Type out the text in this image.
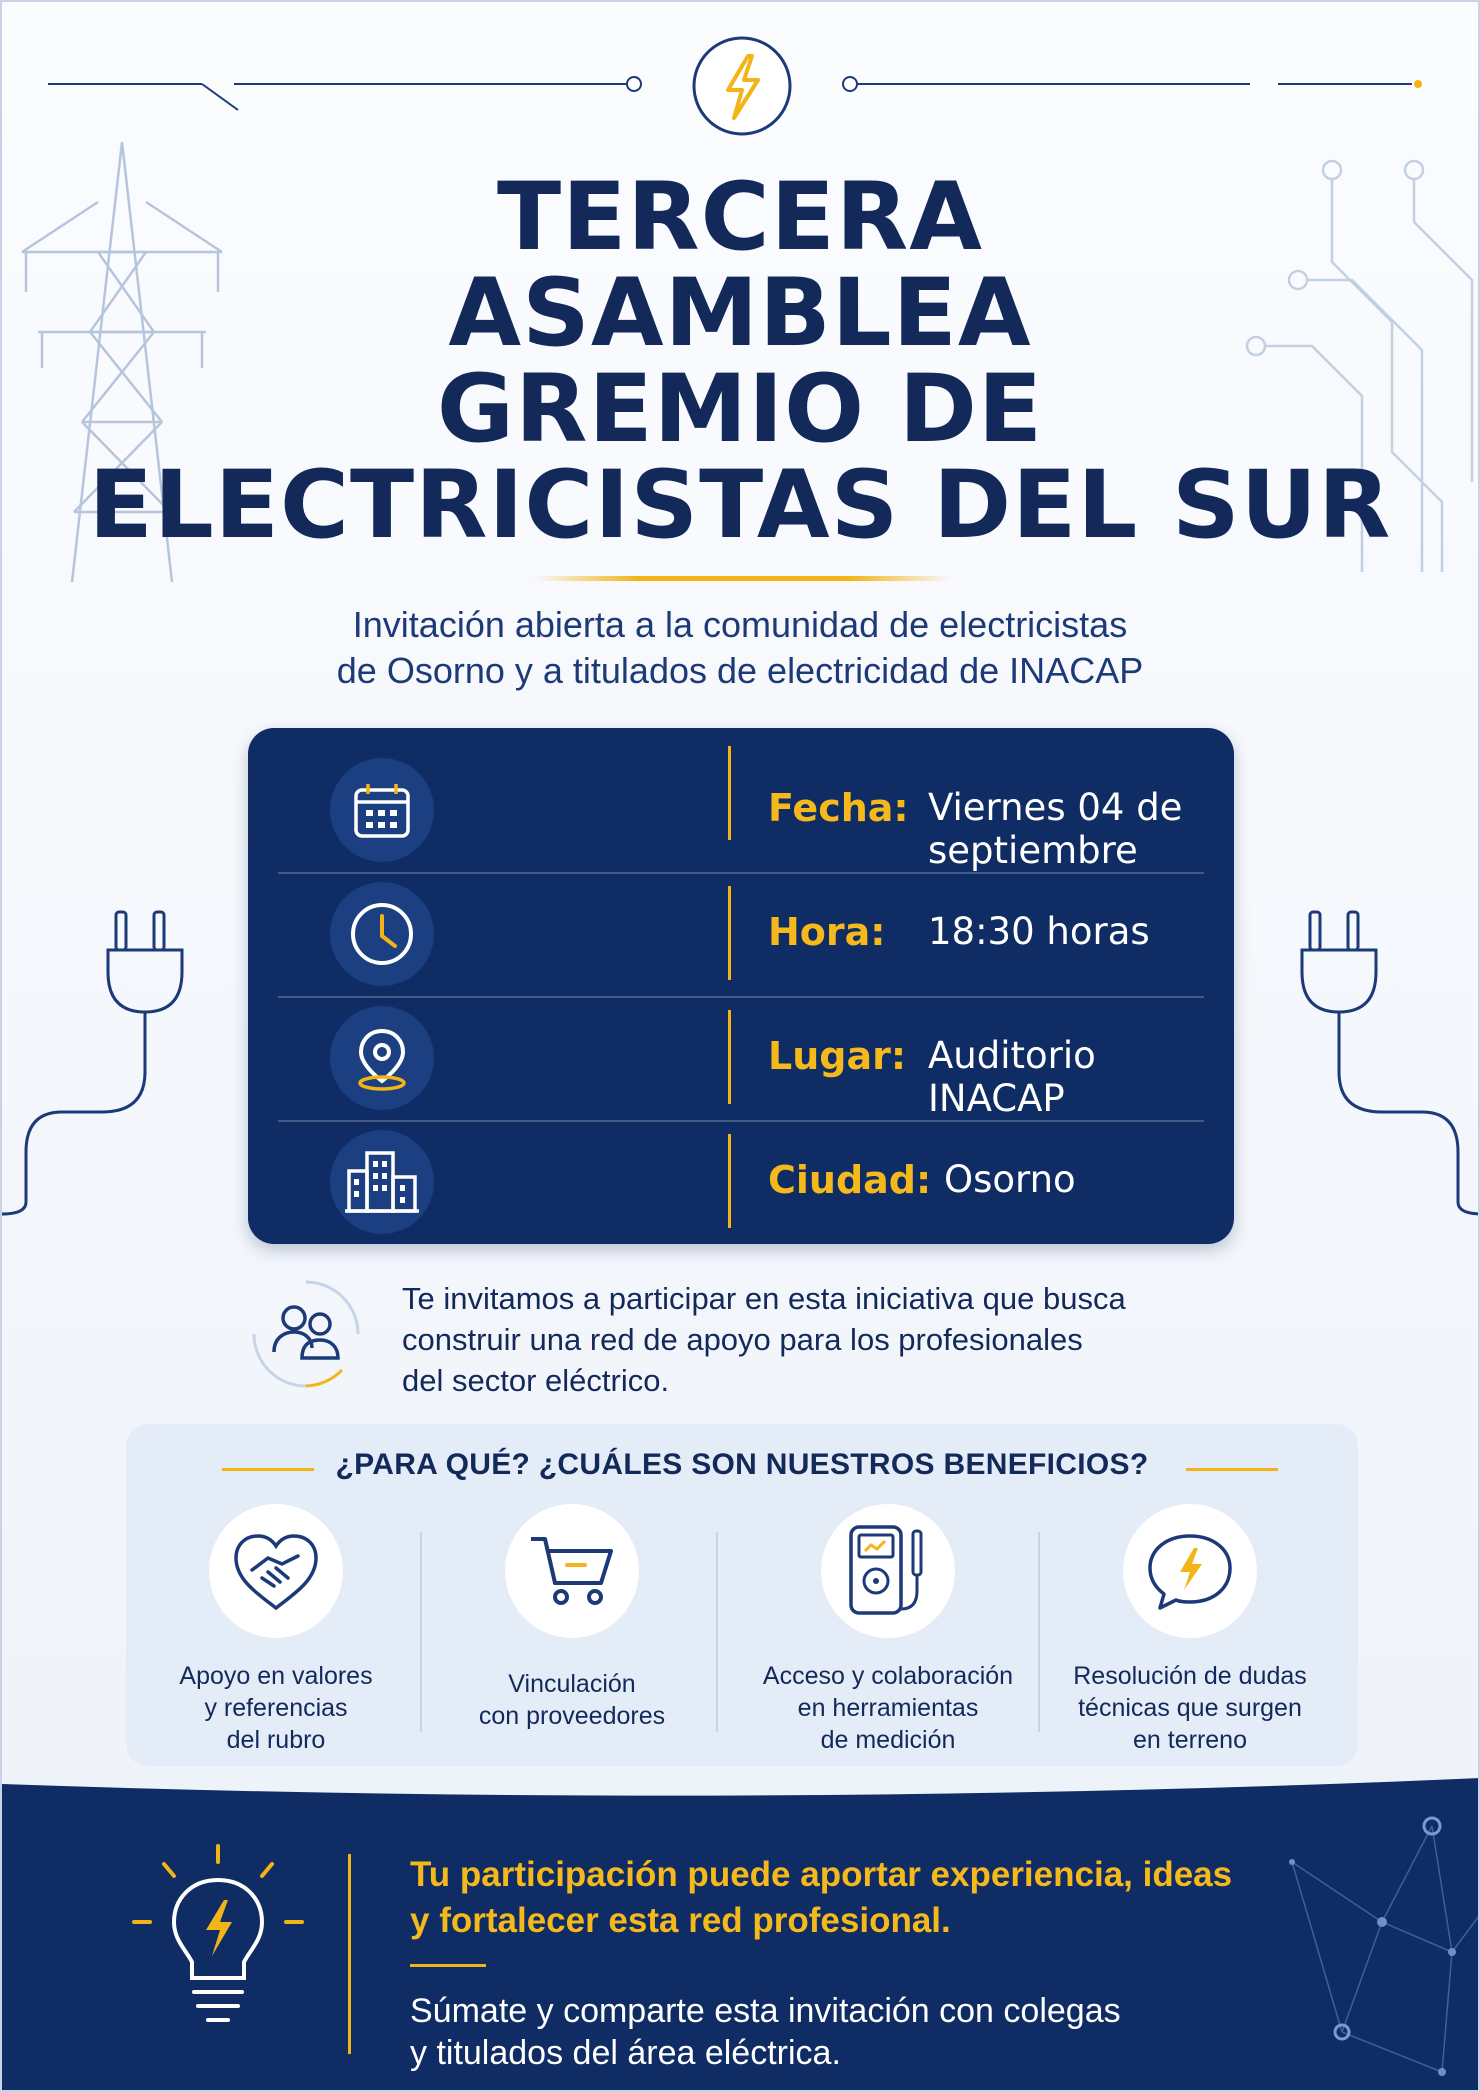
TERCERA
ASAMBLEA
GREMIO DE
ELECTRICISTAS DEL SUR
Invitación abierta a la comunidad de electricistas
de Osorno y a titulados de electricidad de INACAP
Fecha: Viernes 04 de septiembre
Hora: 18:30 horas
Lugar: Auditorio INACAP
Ciudad: Osorno
Te invitamos a participar en esta iniciativa que busca
construir una red de apoyo para los profesionales
del sector eléctrico.
¿PARA QUÉ? ¿CUÁLES SON NUESTROS BENEFICIOS?
Apoyo en valores
y referencias
del rubro
Vinculación
con proveedores
Acceso y colaboración
en herramientas
de medición
Resolución de dudas
técnicas que surgen
en terreno
Tu participación puede aportar experiencia, ideas
y fortalecer esta red profesional.
Súmate y comparte esta invitación con colegas
y titulados del área eléctrica.
